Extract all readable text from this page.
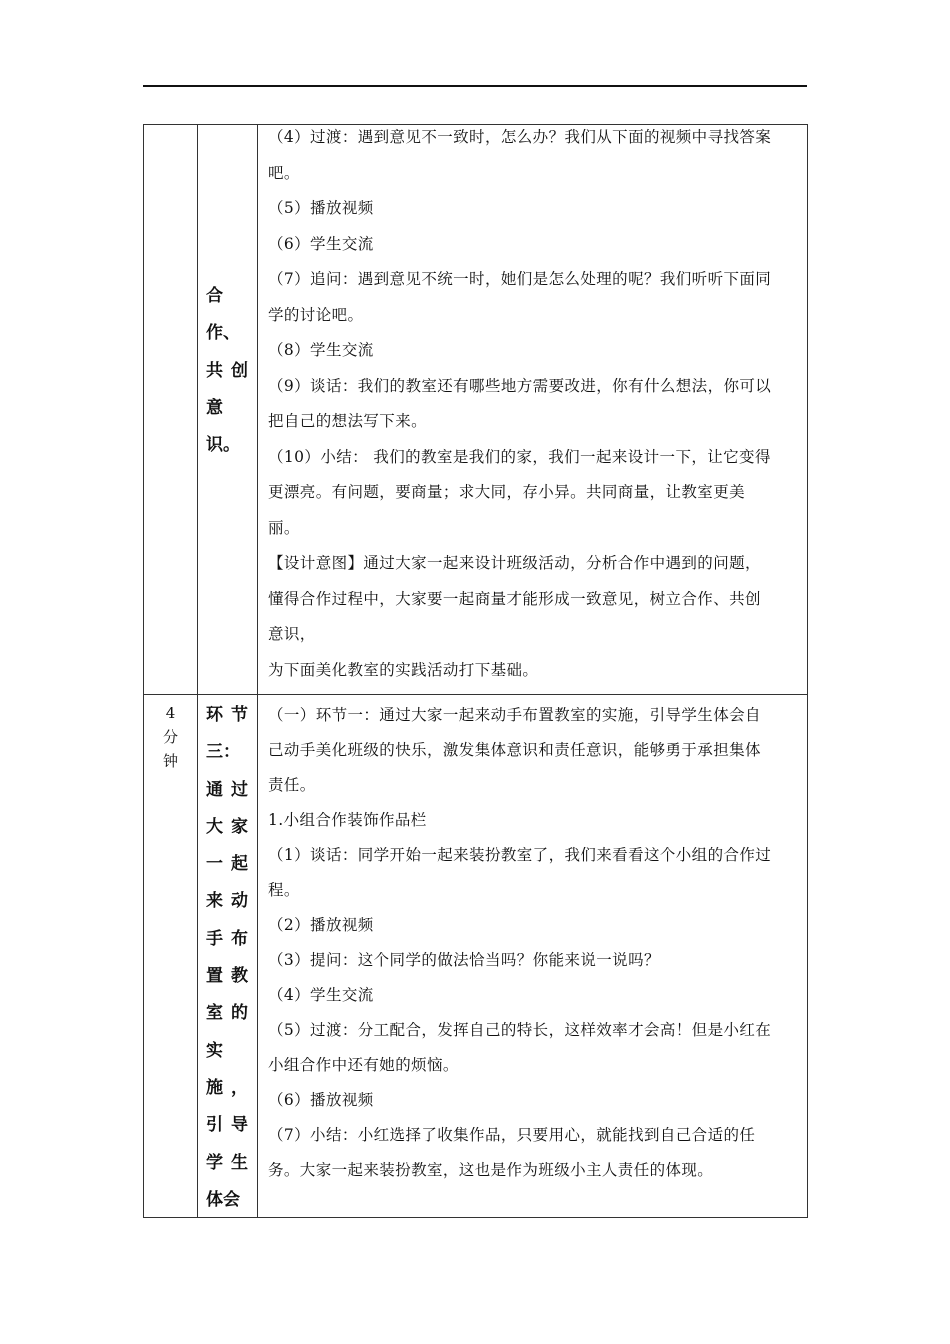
合
作、
共创
意
识。
（4）过渡：遇到意见不一致时，怎么办？我们从下面的视频中寻找答案
吧。
（5）播放视频
（6）学生交流
（7）追问：遇到意见不统一时，她们是怎么处理的呢？我们听听下面同
学的讨论吧。
（8）学生交流
（9）谈话：我们的教室还有哪些地方需要改进，你有什么想法，你可以
把自己的想法写下来。
（10）小结： 我们的教室是我们的家，我们一起来设计一下，让它变得
更漂亮。有问题，要商量；求大同，存小异。共同商量，让教室更美
丽。
【设计意图】通过大家一起来设计班级活动，分析合作中遇到的问题，
懂得合作过程中，大家要一起商量才能形成一致意见，树立合作、共创
意识，
为下面美化教室的实践活动打下基础。
4
分
钟
环节
三：
通过
大家
一起
来动
手布
置教
室的
实
施，
引导
学生
体会
（一）环节一：通过大家一起来动手布置教室的实施，引导学生体会自
己动手美化班级的快乐，激发集体意识和责任意识，能够勇于承担集体
责任。
1.小组合作装饰作品栏
（1）谈话：同学开始一起来装扮教室了，我们来看看这个小组的合作过
程。
（2）播放视频
（3）提问：这个同学的做法恰当吗？你能来说一说吗？
（4）学生交流
（5）过渡：分工配合，发挥自己的特长，这样效率才会高！但是小红在
小组合作中还有她的烦恼。
（6）播放视频
（7）小结：小红选择了收集作品，只要用心，就能找到自己合适的任
务。大家一起来装扮教室，这也是作为班级小主人责任的体现。
